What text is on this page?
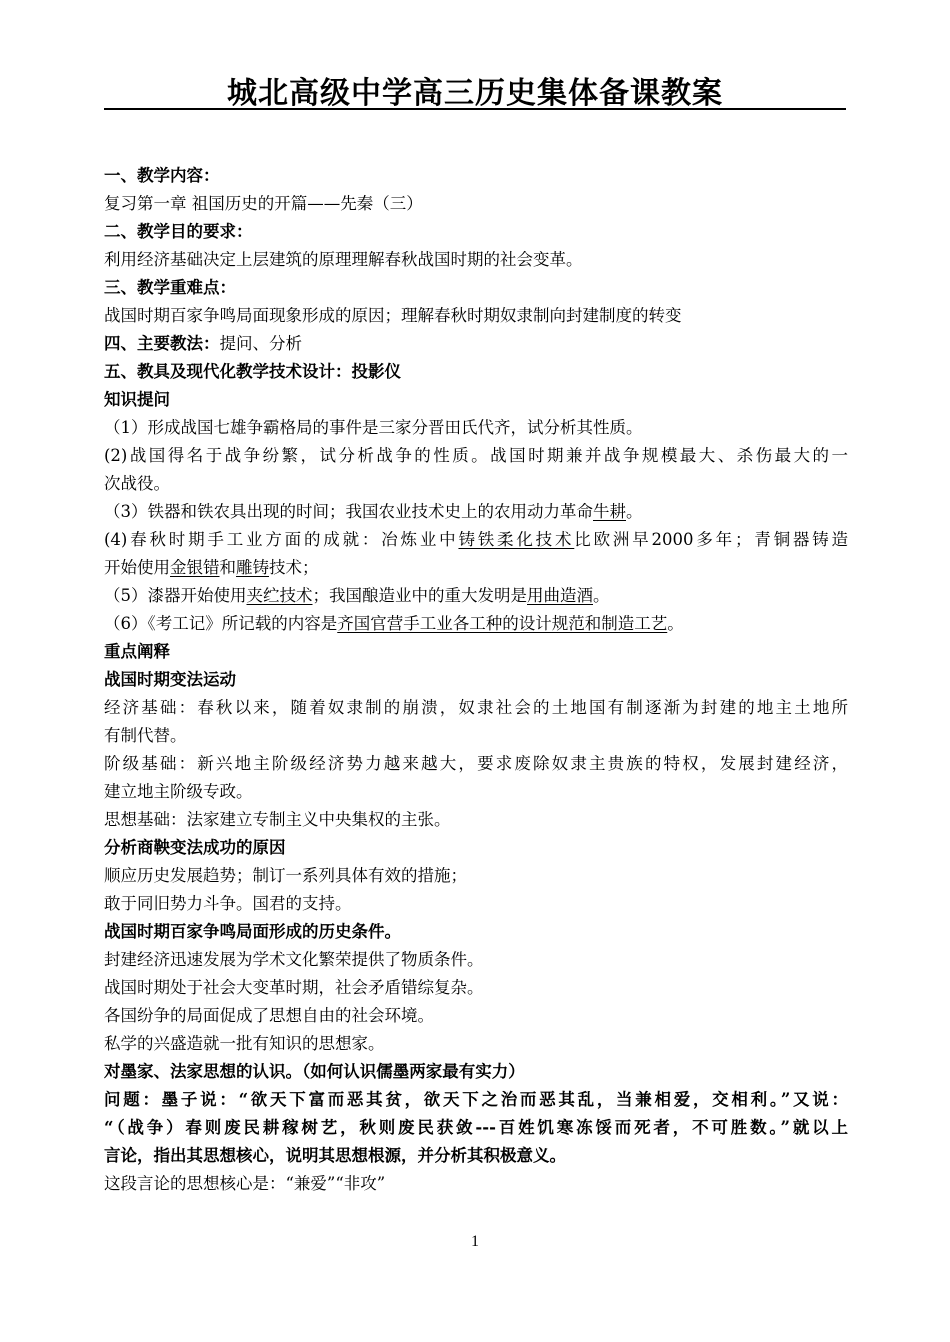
城北高级中学高三历史集体备课教案
一、教学内容：
复习第一章 祖国历史的开篇——先秦（三）
二、教学目的要求：
利用经济基础决定上层建筑的原理理解春秋战国时期的社会变革。
三、教学重难点：
战国时期百家争鸣局面现象形成的原因；理解春秋时期奴隶制向封建制度的转变
四、主要教法：提问、分析
五、教具及现代化教学技术设计：投影仪
知识提问
（1）形成战国七雄争霸格局的事件是三家分晋田氏代齐，试分析其性质。
(2)战国得名于战争纷繁，试分析战争的性质。战国时期兼并战争规模最大、杀伤最大的一
次战役。
（3）铁器和铁农具出现的时间；我国农业技术史上的农用动力革命牛耕。
(4)春秋时期手工业方面的成就：冶炼业中铸铁柔化技术比欧洲早2000多年；青铜器铸造
开始使用金银错和雕铸技术；
（5）漆器开始使用夹纻技术；我国酿造业中的重大发明是用曲造酒。
（6）《考工记》所记载的内容是齐国官营手工业各工种的设计规范和制造工艺。
重点阐释
战国时期变法运动
经济基础：春秋以来，随着奴隶制的崩溃，奴隶社会的土地国有制逐渐为封建的地主土地所
有制代替。
阶级基础：新兴地主阶级经济势力越来越大，要求废除奴隶主贵族的特权，发展封建经济，
建立地主阶级专政。
思想基础：法家建立专制主义中央集权的主张。
分析商鞅变法成功的原因
顺应历史发展趋势；制订一系列具体有效的措施；
敢于同旧势力斗争。国君的支持。
战国时期百家争鸣局面形成的历史条件。
封建经济迅速发展为学术文化繁荣提供了物质条件。
战国时期处于社会大变革时期，社会矛盾错综复杂。
各国纷争的局面促成了思想自由的社会环境。
私学的兴盛造就一批有知识的思想家。
对墨家、法家思想的认识。（如何认识儒墨两家最有实力）
问题：墨子说：“欲天下富而恶其贫，欲天下之治而恶其乱，当兼相爱，交相利。”又说：
“（战争）春则废民耕稼树艺，秋则废民获敛---百姓饥寒冻馁而死者，不可胜数。”就以上
言论，指出其思想核心，说明其思想根源，并分析其积极意义。
这段言论的思想核心是：“兼爱”“非攻”
1
